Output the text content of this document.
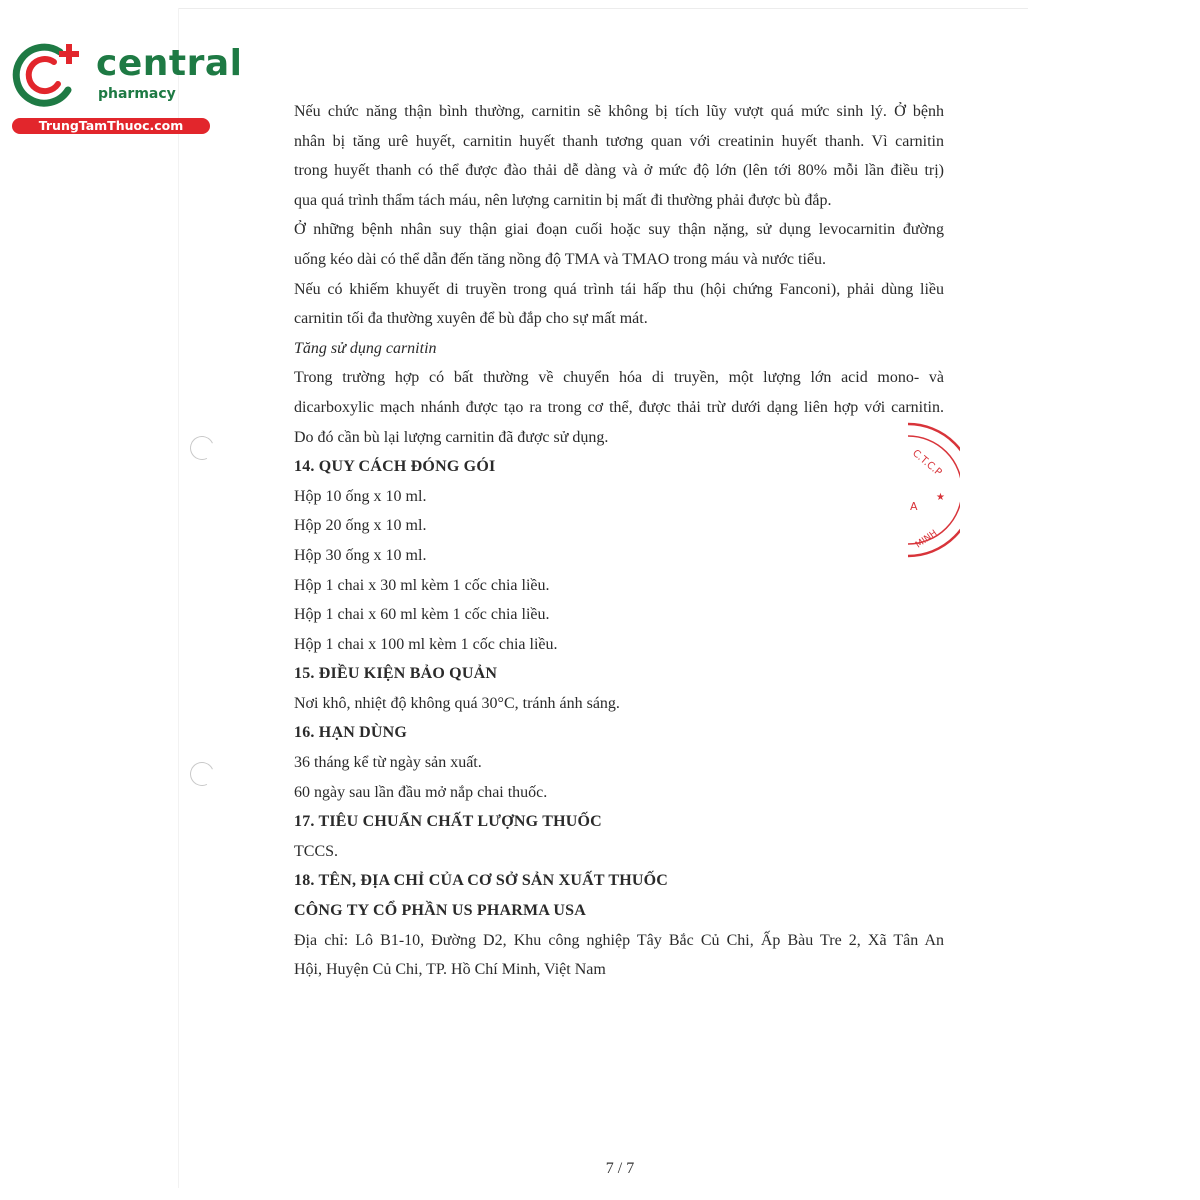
central
pharmacy
TrungTamThuoc.com
C.T.C.P
A
MINH
★
Nếu chức năng thận bình thường, carnitin sẽ không bị tích lũy vượt quá mức sinh lý. Ở bệnh
nhân bị tăng urê huyết, carnitin huyết thanh tương quan với creatinin huyết thanh. Vì carnitin
trong huyết thanh có thể được đào thải dễ dàng và ở mức độ lớn (lên tới 80% mỗi lần điều trị)
qua quá trình thẩm tách máu, nên lượng carnitin bị mất đi thường phải được bù đắp.
Ở những bệnh nhân suy thận giai đoạn cuối hoặc suy thận nặng, sử dụng levocarnitin đường
uống kéo dài có thể dẫn đến tăng nồng độ TMA và TMAO trong máu và nước tiểu.
Nếu có khiếm khuyết di truyền trong quá trình tái hấp thu (hội chứng Fanconi), phải dùng liều
carnitin tối đa thường xuyên để bù đắp cho sự mất mát.
Tăng sử dụng carnitin
Trong trường hợp có bất thường về chuyển hóa di truyền, một lượng lớn acid mono- và
dicarboxylic mạch nhánh được tạo ra trong cơ thể, được thải trừ dưới dạng liên hợp với carnitin.
Do đó cần bù lại lượng carnitin đã được sử dụng.
14. QUY CÁCH ĐÓNG GÓI
Hộp 10 ống x 10 ml.
Hộp 20 ống x 10 ml.
Hộp 30 ống x 10 ml.
Hộp 1 chai x 30 ml kèm 1 cốc chia liều.
Hộp 1 chai x 60 ml kèm 1 cốc chia liều.
Hộp 1 chai x 100 ml kèm 1 cốc chia liều.
15. ĐIỀU KIỆN BẢO QUẢN
Nơi khô, nhiệt độ không quá 30°C, tránh ánh sáng.
16. HẠN DÙNG
36 tháng kể từ ngày sản xuất.
60 ngày sau lần đầu mở nắp chai thuốc.
17. TIÊU CHUẨN CHẤT LƯỢNG THUỐC
TCCS.
18. TÊN, ĐỊA CHỈ CỦA CƠ SỞ SẢN XUẤT THUỐC
CÔNG TY CỔ PHẦN US PHARMA USA
Địa chỉ: Lô B1-10, Đường D2, Khu công nghiệp Tây Bắc Củ Chi, Ấp Bàu Tre 2, Xã Tân An
Hội, Huyện Củ Chi, TP. Hồ Chí Minh, Việt Nam
7 / 7
